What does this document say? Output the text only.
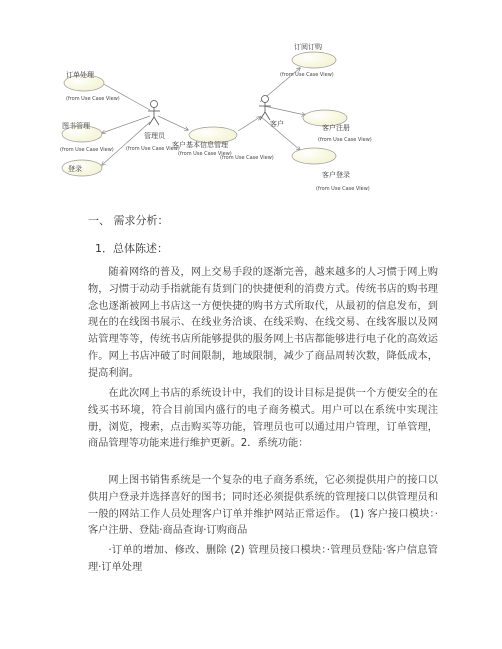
管理员
客户
订单处理
(from Use Case View)
图书管理
(from Use Case View)
登录
客户基本信息管理
(from Use Case View)
(from Use Case View)
(from Use Case View)
订阅订购
(from Use Case View)
客户注册
(from Use Case View)
客户登录
(from Use Case View)
一、 需求分析：
1．总体陈述：
随着网络的普及，网上交易手段的逐渐完善，越来越多的人习惯于网上购物，习惯于动动手指就能有货到门的快捷便利的消费方式。传统书店的购书理念也逐渐被网上书店这一方便快捷的购书方式所取代，从最初的信息发布，到现在的在线图书展示、在线业务洽谈、在线采购、在线交易、在线客服以及网站管理等等，传统书店所能够提供的服务网上书店都能够进行电子化的高效运作。网上书店冲破了时间限制，地域限制，减少了商品周转次数，降低成本，提高利润。
在此次网上书店的系统设计中，我们的设计目标是提供一个方便安全的在线买书环境，符合目前国内盛行的电子商务模式。用户可以在系统中实现注册，浏览，搜索，点击购买等功能，管理员也可以通过用户管理，订单管理，商品管理等功能来进行维护更新。2．系统功能：
网上图书销售系统是一个复杂的电子商务系统，它必须提供用户的接口以供用户登录并选择喜好的图书；同时还必须提供系统的管理接口以供管理员和一般的网站工作人员处理客户订单并维护网站正常运作。 (1) 客户接口模块：·客户注册、登陆·商品查询·订购商品
·订单的增加、修改、删除 (2) 管理员接口模块：·管理员登陆·客户信息管理·订单处理
